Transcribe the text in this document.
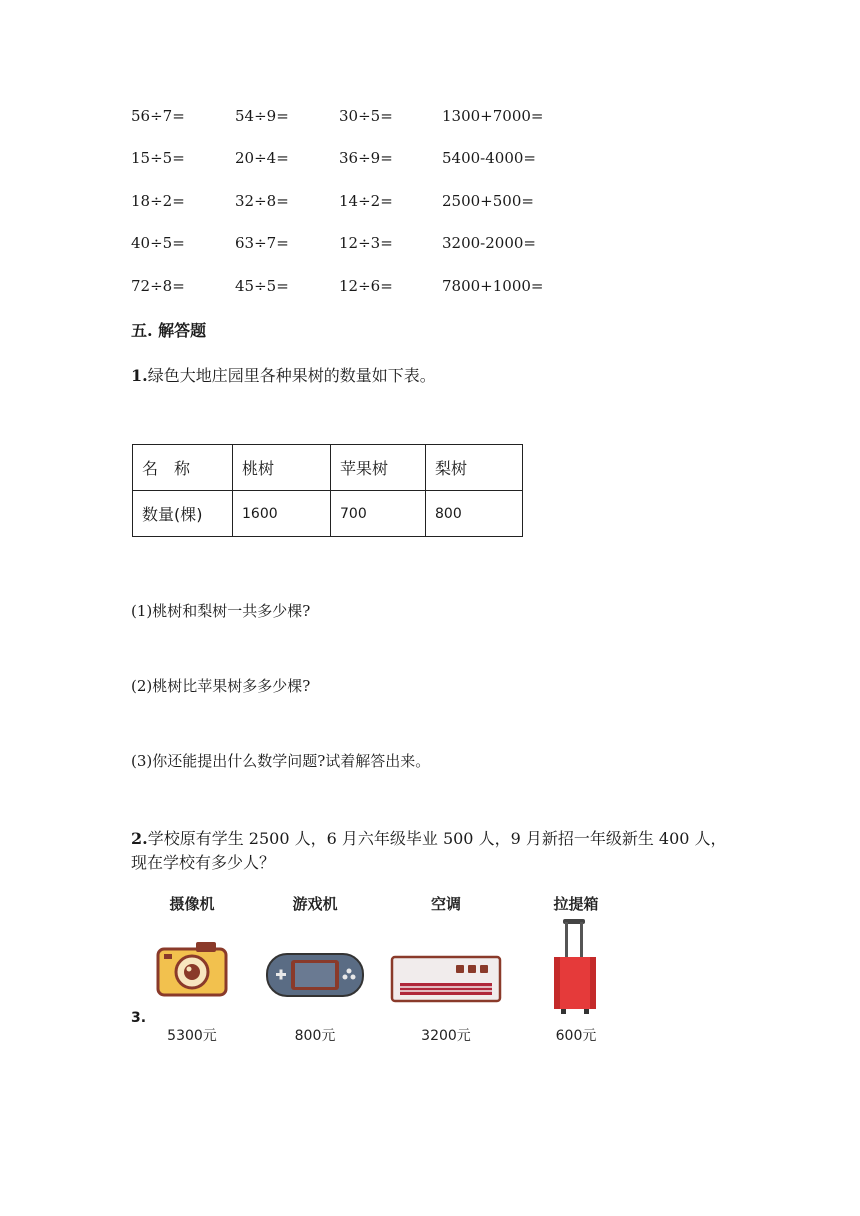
56÷7=	54÷9=	30÷5=	1300+7000=
15÷5=	20÷4=	36÷9=	5400-4000=
18÷2=	32÷8=	14÷2=	2500+500=
40÷5=	63÷7=	12÷3=	3200-2000=
72÷8=	45÷5=	12÷6=	7800+1000=
五. 解答题
1.绿色大地庄园里各种果树的数量如下表。
名　称	桃树	苹果树	梨树
数量(棵)	1600	700	800
(1)桃树和梨树一共多少棵?
(2)桃树比苹果树多多少棵?
(3)你还能提出什么数学问题?试着解答出来。
2.学校原有学生 2500 人，6 月六年级毕业 500 人，9 月新招一年级新生 400 人，
现在学校有多少人？
3.
摄像机
5300元
游戏机
800元
空调
3200元
拉提箱
600元
